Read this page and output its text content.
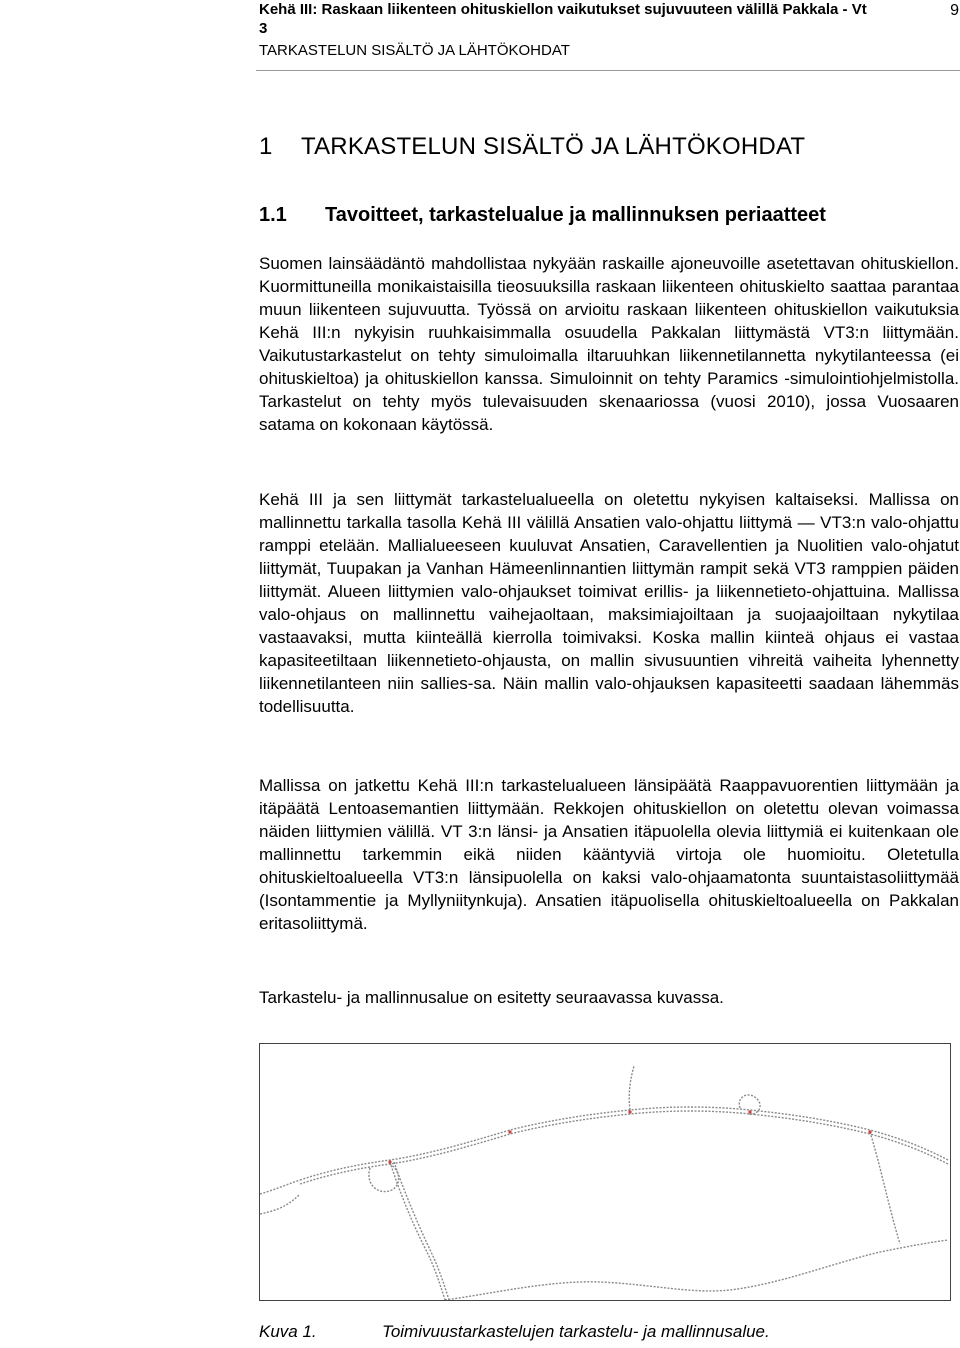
Kehä III: Raskaan liikenteen ohituskiellon vaikutukset sujuvuuteen välillä Pakkala - Vt 3
TARKASTELUN SISÄLTÖ JA LÄHTÖKOHDAT
9
1 TARKASTELUN SISÄLTÖ JA LÄHTÖKOHDAT
1.1 Tavoitteet, tarkastelualue ja mallinnuksen periaatteet

Suomen lainsäädäntö mahdollistaa nykyään raskaille ajoneuvoille asetettavan ohituskiellon. Kuormittuneilla monikaistaisilla tieosuuksilla raskaan liikenteen ohituskielto saattaa parantaa muun liikenteen sujuvuutta. Työssä on arvioitu raskaan liikenteen ohituskiellon vaikutuksia Kehä III:n nykyisin ruuhkaisimmalla osuudella Pakkalan liittymästä VT3:n liittymään. Vaikutustarkastelut on tehty simuloimalla iltaruuhkan liikennetilannetta nykytilanteessa (ei ohituskieltoa) ja ohituskiellon kanssa. Simuloinnit on tehty Paramics -simulointiohjelmistolla. Tarkastelut on tehty myös tulevaisuuden skenaariossa (vuosi 2010), jossa Vuosaaren satama on kokonaan käytössä.

Kehä III ja sen liittymät tarkastelualueella on oletettu nykyisen kaltaiseksi. Mallissa on mallinnettu tarkalla tasolla Kehä III välillä Ansatien valo-ohjattu liittymä — VT3:n valo-ohjattu ramppi etelään. Mallialueeseen kuuluvat Ansatien, Caravellentien ja Nuolitien valo-ohjatut liittymät, Tuupakan ja Vanhan Hämeenlinnantien liittymän rampit sekä VT3 ramppien päiden liittymät. Alueen liittymien valo-ohjaukset toimivat erillis- ja liikennetieto-ohjattuina. Mallissa valo-ohjaus on mallinnettu vaihejaoltaan, maksimiajoiltaan ja suojaajoiltaan nykytilaa vastaavaksi, mutta kiinteällä kierrolla toimivaksi. Koska mallin kiinteä ohjaus ei vastaa kapasiteetiltaan liikennetieto-ohjausta, on mallin sivusuuntien vihreitä vaiheita lyhennetty liikennetilanteen niin sallies-sa. Näin mallin valo-ohjauksen kapasiteetti saadaan lähemmäs todellisuutta.

Mallissa on jatkettu Kehä III:n tarkastelualueen länsipäätä Raappavuorentien liittymään ja itäpäätä Lentoasemantien liittymään. Rekkojen ohituskiellon on oletettu olevan voimassa näiden liittymien välillä. VT 3:n länsi- ja Ansatien itäpuolella olevia liittymiä ei kuitenkaan ole mallinnettu tarkemmin eikä niiden kääntyviä virtoja ole huomioitu. Oletetulla ohituskieltoalueella VT3:n länsipuolella on kaksi valo-ohjaamatonta suuntaistasoliittymää (Isontammentie ja Myllyniitynkuja). Ansatien itäpuolisella ohituskieltoalueella on Pakkalan eritasoliittymä.

Tarkastelu- ja mallinnusalue on esitetty seuraavassa kuvassa.

Kuva 1.	Toimivuustarkastelujen tarkastelu- ja mallinnusalue.
